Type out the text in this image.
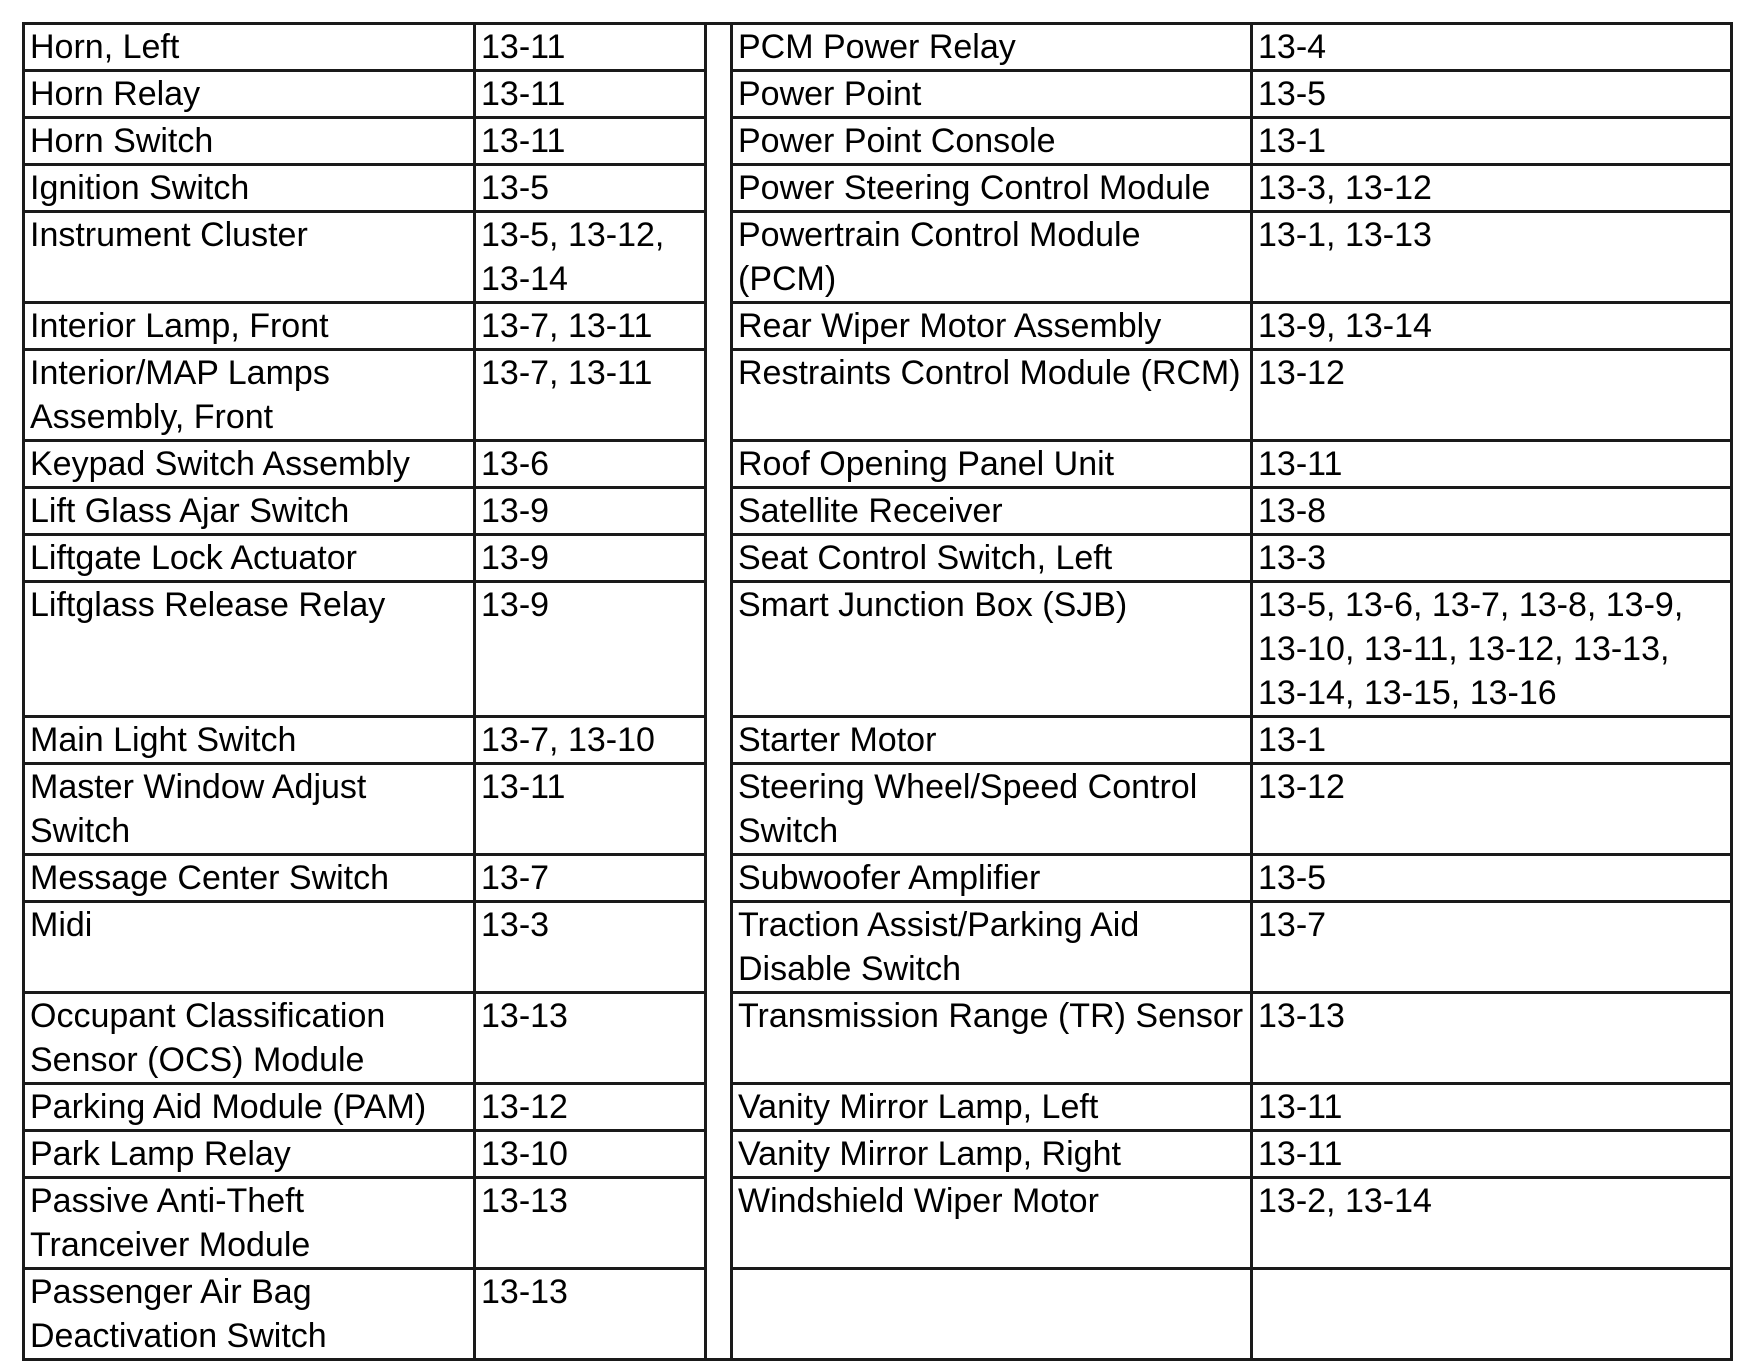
Horn, Left	13-11		PCM Power Relay	13-4
Horn Relay	13-11		Power Point	13-5
Horn Switch	13-11		Power Point Console	13-1
Ignition Switch	13-5		Power Steering Control Module	13-3, 13-12
Instrument Cluster	13-5, 13-12, 13-14		Powertrain Control Module (PCM)	13-1, 13-13
Interior Lamp, Front	13-7, 13-11		Rear Wiper Motor Assembly	13-9, 13-14
Interior/MAP Lamps Assembly, Front	13-7, 13-11		Restraints Control Module (RCM)	13-12
Keypad Switch Assembly	13-6		Roof Opening Panel Unit	13-11
Lift Glass Ajar Switch	13-9		Satellite Receiver	13-8
Liftgate Lock Actuator	13-9		Seat Control Switch, Left	13-3
Liftglass Release Relay	13-9		Smart Junction Box (SJB)	13-5, 13-6, 13-7, 13-8, 13-9, 13-10, 13-11, 13-12, 13-13, 13-14, 13-15, 13-16
Main Light Switch	13-7, 13-10		Starter Motor	13-1
Master Window Adjust Switch	13-11		Steering Wheel/Speed Control Switch	13-12
Message Center Switch	13-7		Subwoofer Amplifier	13-5
Midi	13-3		Traction Assist/Parking Aid Disable Switch	13-7
Occupant Classification Sensor (OCS) Module	13-13		Transmission Range (TR) Sensor	13-13
Parking Aid Module (PAM)	13-12		Vanity Mirror Lamp, Left	13-11
Park Lamp Relay	13-10		Vanity Mirror Lamp, Right	13-11
Passive Anti-Theft Tranceiver Module	13-13		Windshield Wiper Motor	13-2, 13-14
Passenger Air Bag Deactivation Switch	13-13			
